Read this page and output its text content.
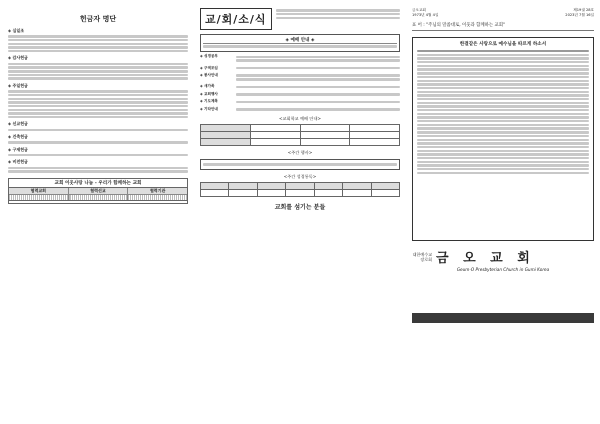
헌금자 명단
◈ 십일조
◈ 감사헌금
◈ 주일헌금
◈ 선교헌금
◈ 건축헌금
◈ 구제헌금
◈ 비전헌금
교회 이웃사랑 나눔 - 우리가 함께하는 교회
협력교회	협력선교	협력기관
교/회/소/식
◈ 예배 안내 ◈
◈ 성경공부
◈ 구역모임
◈ 봉사안내
◈ 새가족
◈ 교회행사
◈ 기도제목
◈ 기타안내
<교회학교 예배 안내>

<주간 행사>
<주간 성경통독>

교회를 섬기는 분들
금오교회
1973년 4월 4일
제19권 28호
2023년 7월 16일
표 어 : "주님의 말씀대로, 이웃과 함께하는 교회"
한결같은 사랑으로 예수님을 따르게 하소서
대한예수교
장로회 금 오 교 회
Geum-O Presbyterian Church in Gumi Korea
